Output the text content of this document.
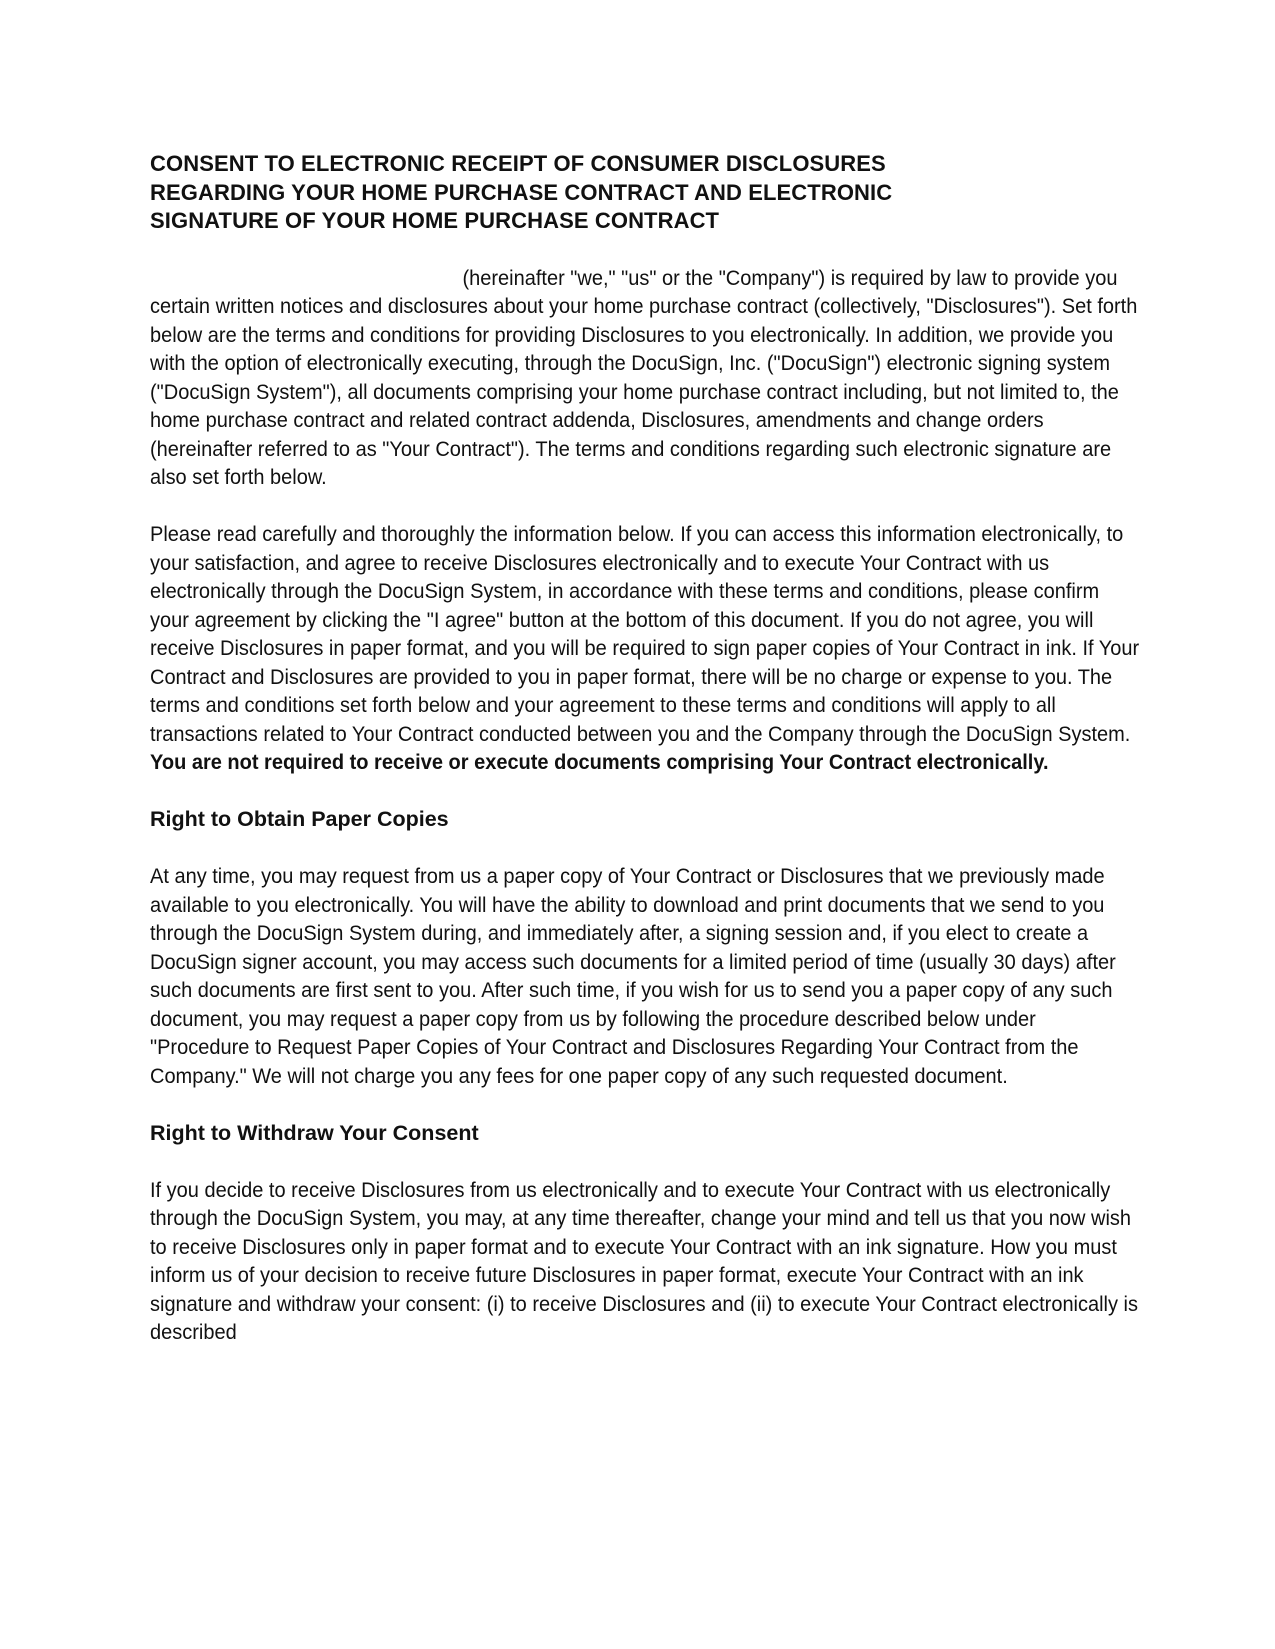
CONSENT TO ELECTRONIC RECEIPT OF CONSUMER DISCLOSURES
REGARDING YOUR HOME PURCHASE CONTRACT AND ELECTRONIC
SIGNATURE OF YOUR HOME PURCHASE CONTRACT

(hereinafter "we," "us" or the "Company") is required by law to provide you certain written notices and disclosures about your home purchase contract (collectively, "Disclosures"). Set forth below are the terms and conditions for providing Disclosures to you electronically. In addition, we provide you with the option of electronically executing, through the DocuSign, Inc. ("DocuSign") electronic signing system ("DocuSign System"), all documents comprising your home purchase contract including, but not limited to, the home purchase contract and related contract addenda, Disclosures, amendments and change orders (hereinafter referred to as "Your Contract"). The terms and conditions regarding such electronic signature are also set forth below.

Please read carefully and thoroughly the information below. If you can access this information electronically, to your satisfaction, and agree to receive Disclosures electronically and to execute Your Contract with us electronically through the DocuSign System, in accordance with these terms and conditions, please confirm your agreement by clicking the "I agree" button at the bottom of this document. If you do not agree, you will receive Disclosures in paper format, and you will be required to sign paper copies of Your Contract in ink. If Your Contract and Disclosures are provided to you in paper format, there will be no charge or expense to you. The terms and conditions set forth below and your agreement to these terms and conditions will apply to all transactions related to Your Contract conducted between you and the Company through the DocuSign System. You are not required to receive or execute documents comprising Your Contract electronically.

Right to Obtain Paper Copies

At any time, you may request from us a paper copy of Your Contract or Disclosures that we previously made available to you electronically. You will have the ability to download and print documents that we send to you through the DocuSign System during, and immediately after, a signing session and, if you elect to create a DocuSign signer account, you may access such documents for a limited period of time (usually 30 days) after such documents are first sent to you. After such time, if you wish for us to send you a paper copy of any such document, you may request a paper copy from us by following the procedure described below under "Procedure to Request Paper Copies of Your Contract and Disclosures Regarding Your Contract from the Company." We will not charge you any fees for one paper copy of any such requested document.

Right to Withdraw Your Consent

If you decide to receive Disclosures from us electronically and to execute Your Contract with us electronically through the DocuSign System, you may, at any time thereafter, change your mind and tell us that you now wish to receive Disclosures only in paper format and to execute Your Contract with an ink signature. How you must inform us of your decision to receive future Disclosures in paper format, execute Your Contract with an ink signature and withdraw your consent: (i) to receive Disclosures and (ii) to execute Your Contract electronically is described
